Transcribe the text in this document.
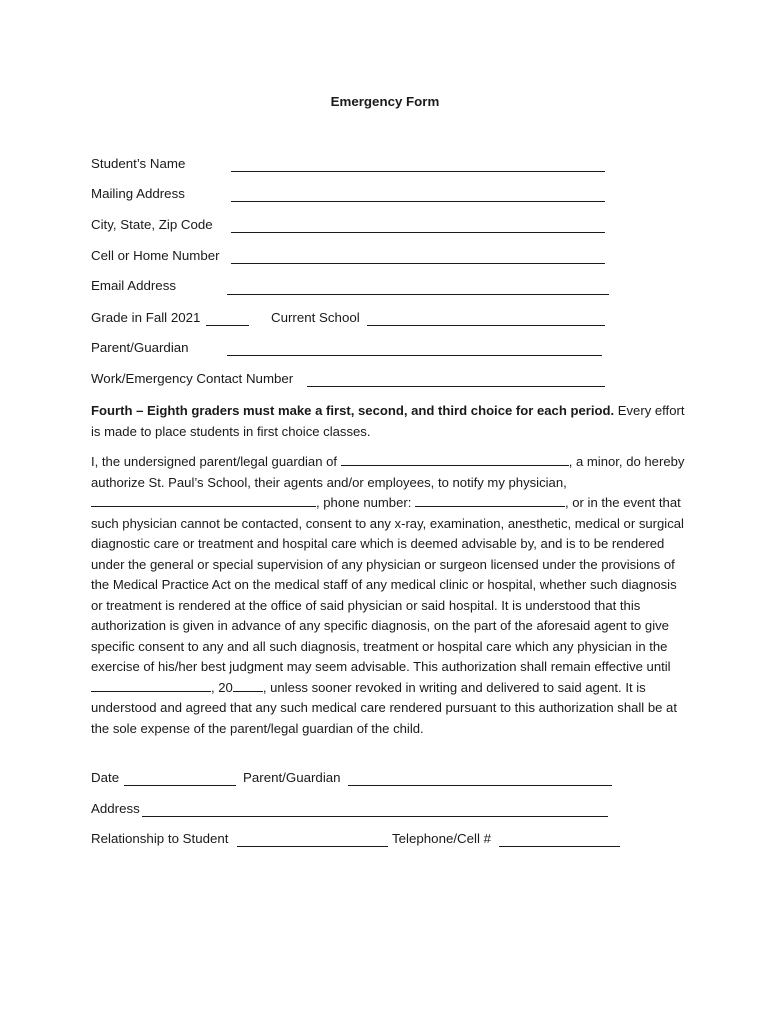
Emergency Form
Student’s Name
Mailing Address
City, State, Zip Code
Cell or Home Number
Email Address
Grade in Fall 2021	Current School
Parent/Guardian
Work/Emergency Contact Number
Fourth – Eighth graders must make a first, second, and third choice for each period. Every effort is made to place students in first choice classes.
I, the undersigned parent/legal guardian of	, a minor, do hereby authorize St. Paul’s School, their agents and/or employees, to notify my physician, , phone number:	, or in the event that such physician cannot be contacted, consent to any x-ray, examination, anesthetic, medical or surgical diagnostic care or treatment and hospital care which is deemed advisable by, and is to be rendered under the general or special supervision of any physician or surgeon licensed under the provisions of the Medical Practice Act on the medical staff of any medical clinic or hospital, whether such diagnosis or treatment is rendered at the office of said physician or said hospital. It is understood that this authorization is given in advance of any specific diagnosis, on the part of the aforesaid agent to give specific consent to any and all such diagnosis, treatment or hospital care which any physician in the exercise of his/her best judgment may seem advisable. This authorization shall remain effective until , 20 , unless sooner revoked in writing and delivered to said agent. It is understood and agreed that any such medical care rendered pursuant to this authorization shall be at the sole expense of the parent/legal guardian of the child.
Date	Parent/Guardian
Address
Relationship to Student	Telephone/Cell #
